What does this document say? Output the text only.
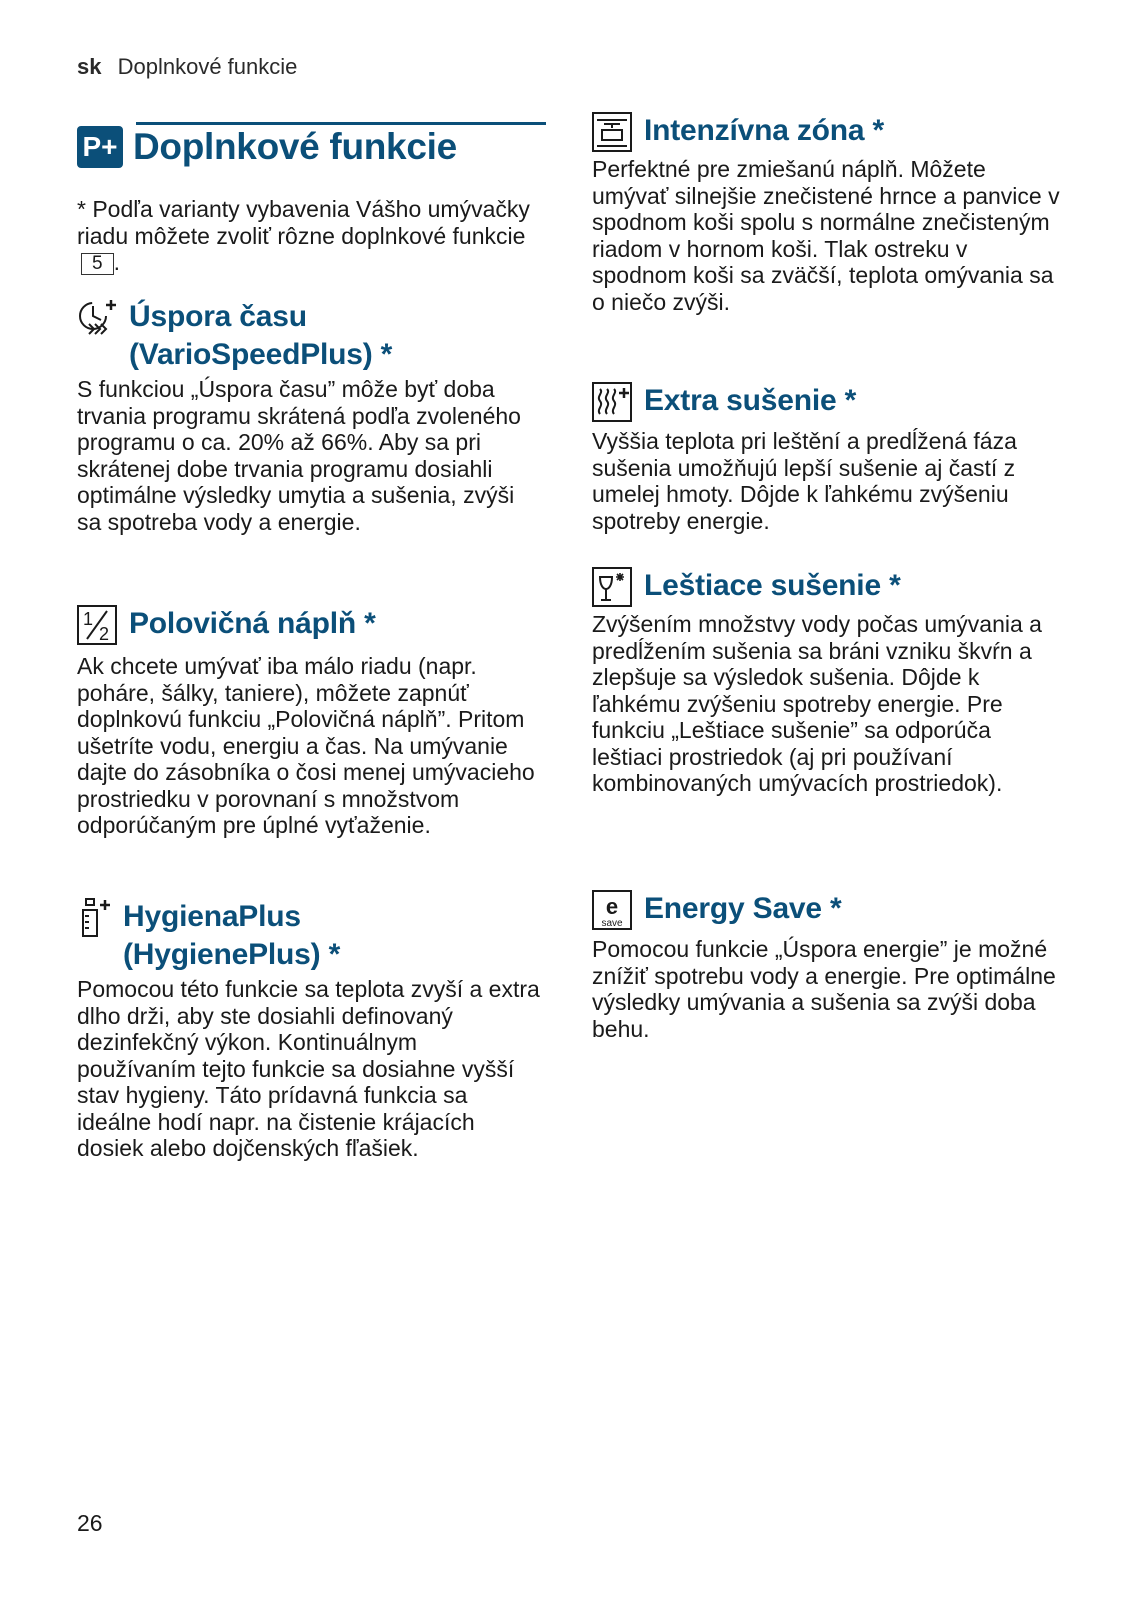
sk Doplnkové funkcie
P+ Doplnkové funkcie
* Podľa varianty vybavenia Vášho umývačky riadu môžete zvoliť rôzne doplnkové funkcie 5 .
Úspora času (VarioSpeedPlus) *
S funkciou „Úspora času” môže byť doba trvania programu skrátená podľa zvoleného programu o ca. 20% až 66%. Aby sa pri skrátenej dobe trvania programu dosiahli optimálne výsledky umytia a sušenia, zvýši sa spotreba vody a energie.
1
2 Polovičná náplň *
Ak chcete umývať iba málo riadu (napr. poháre, šálky, taniere), môžete zapnúť doplnkovú funkciu „Polovičná náplň”. Pritom ušetríte vodu, energiu a čas. Na umývanie dajte do zásobníka o čosi menej umývacieho prostriedku v porovnaní s množstvom odporúčaným pre úplné vyťaženie.
HygienaPlus (HygienePlus) *
Pomocou této funkcie sa teplota zvyší a extra dlho drži, aby ste dosiahli definovaný dezinfekčný výkon. Kontinuálnym používaním tejto funkcie sa dosiahne vyšší stav hygieny. Táto prídavná funkcia sa ideálne hodí napr. na čistenie krájacích dosiek alebo dojčenských fľašiek.
Intenzívna zóna *
Perfektné pre zmiešanú náplň. Môžete umývať silnejšie znečistené hrnce a panvice v spodnom koši spolu s normálne znečisteným riadom v hornom koši. Tlak ostreku v spodnom koši sa zväčší, teplota omývania sa o niečo zvýši.
Extra sušenie *
Vyššia teplota pri leštění a predĺžená fáza sušenia umožňujú lepší sušenie aj častí z umelej hmoty. Dôjde k ľahkému zvýšeniu spotreby energie.
Leštiace sušenie *
Zvýšením množstvy vody počas umývania a predĺžením sušenia sa bráni vzniku škvŕn a zlepšuje sa výsledok sušenia. Dôjde k ľahkému zvýšeniu spotreby energie. Pre funkciu „Leštiace sušenie” sa odporúča leštiaci prostriedok (aj pri používaní kombinovaných umývacích prostriedok).
e
save Energy Save *
Pomocou funkcie „Úspora energie” je možné znížiť spotrebu vody a energie. Pre optimálne výsledky umývania a sušenia sa zvýši doba behu.
26
